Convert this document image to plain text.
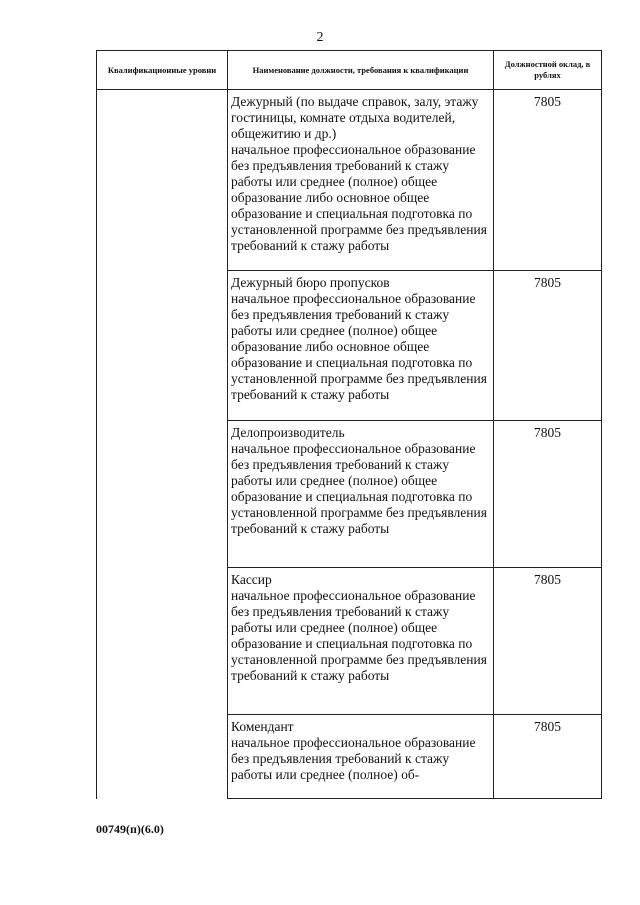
2
Квалификационные уровни	Наименование должности, требования к квалификации	Должностной оклад, в рублях

	Дежурный (по выдаче справок, залу, этажу гостиницы, комнате отдыха водителей, общежитию и др.)
начальное профессиональное образование без предъявления требований к стажу работы или среднее (полное) общее образование либо основное общее образование и специальная подготовка по установленной программе без предъявления требований к стажу работы	7805

	Дежурный бюро пропусков
начальное профессиональное образование без предъявления требований к стажу работы или среднее (полное) общее образование либо основное общее образование и специальная подготовка по установленной программе без предъявления требований к стажу работы	7805

	Делопроизводитель
начальное профессиональное образование без предъявления требований к стажу работы или среднее (полное) общее образование и специальная подготовка по установленной программе без предъявления требований к стажу работы	7805

	Кассир
начальное профессиональное образование без предъявления требований к стажу работы или среднее (полное) общее образование и специальная подготовка по установленной программе без предъявления требований к стажу работы	7805

	Комендант
начальное профессиональное образование без предъявления требований к стажу работы или среднее (полное) об-	7805
00749(п)(6.0)
